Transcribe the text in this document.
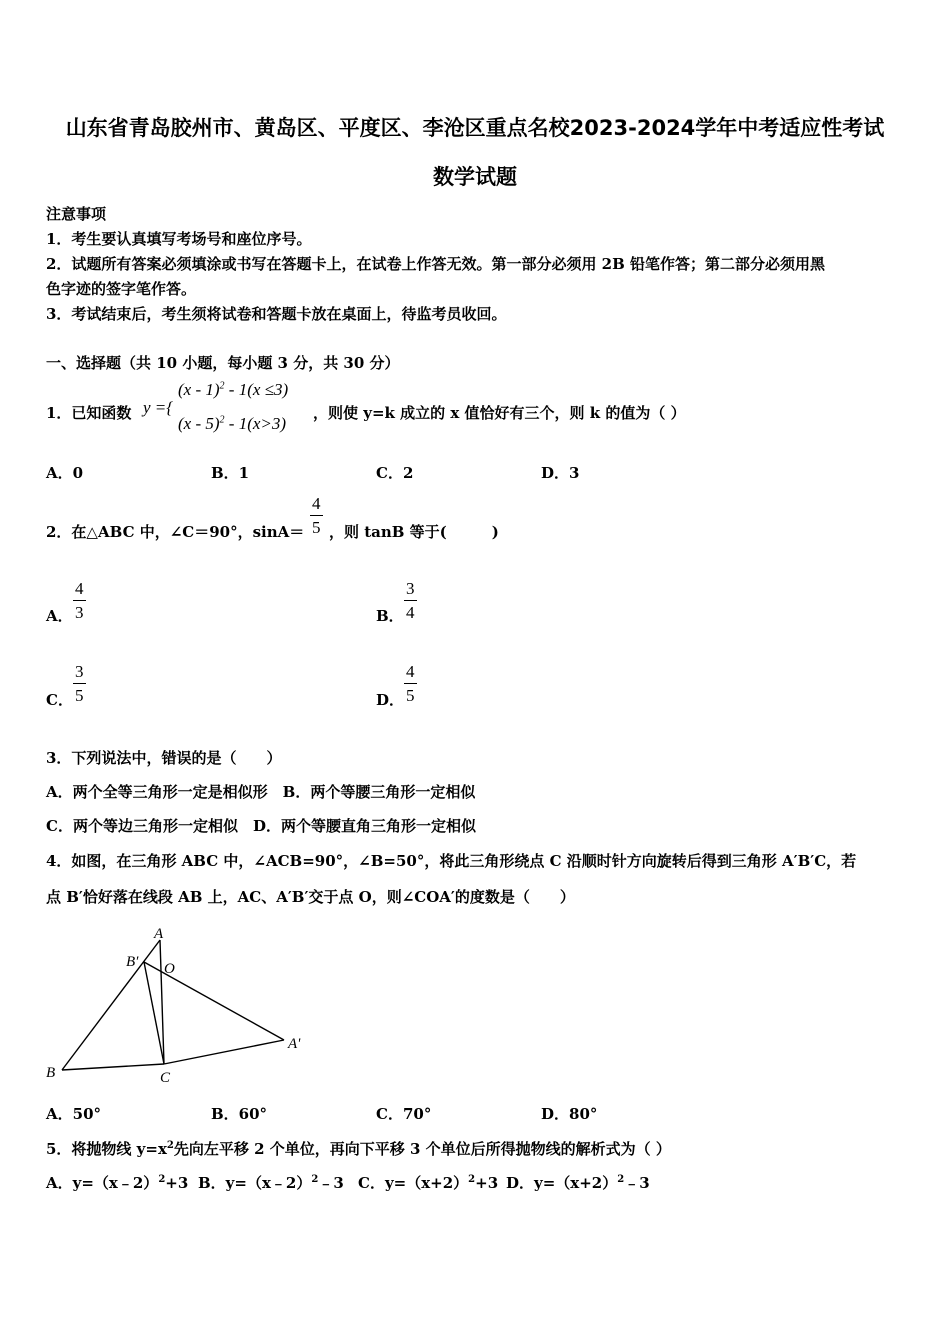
山东省青岛胶州市、黄岛区、平度区、李沧区重点名校2023-2024学年中考适应性考试
数学试题
注意事项
1．考生要认真填写考场号和座位序号。
2．试题所有答案必须填涂或书写在答题卡上，在试卷上作答无效。第一部分必须用 2B 铅笔作答；第二部分必须用黑
色字迹的签字笔作答。
3．考试结束后，考生须将试卷和答题卡放在桌面上，待监考员收回。
一、选择题（共 10 小题，每小题 3 分，共 30 分）
1．已知函数 y ={
(x - 1)$^2$ - 1(x ≤3)
(x - 5)$^2$ - 1(x>3)
，则使 y=k 成立的 x 值恰好有三个，则 k 的值为（ ）
A．0	B．1	C．2	D．3
2．在△ABC 中，∠C＝90°，$\sin A= \frac{4}{5}$ ，则 tanB 等于(　　　)
A． $\frac{4}{3}$	B． $\frac{3}{4}$
C． $\frac{3}{5}$	D． $\frac{4}{5}$
3．下列说法中，错误的是（　　）
A．两个全等三角形一定是相似形　B．两个等腰三角形一定相似
C．两个等边三角形一定相似　D．两个等腰直角三角形一定相似
4．如图，在三角形 ABC 中，∠ACB=90°，∠B=50°，将此三角形绕点 C 沿顺时针方向旋转后得到三角形 A′B′C，若
点 B′恰好落在线段 AB 上，AC、A′B′交于点 O，则∠COA′的度数是（　　）
A
B′ O
A'
B	C
A．50°	B．60°	C．70°	D．80°
5．将抛物线 $y=x^2$先向左平移 2 个单位，再向下平移 3 个单位后所得抛物线的解析式为（ ）
A．y=（x﹣2）$^2$+3 B．y=（x﹣2）$^2$﹣3 C．$y=(x+2)^2+3$ D．$y=(x+2)^2﹣3$
